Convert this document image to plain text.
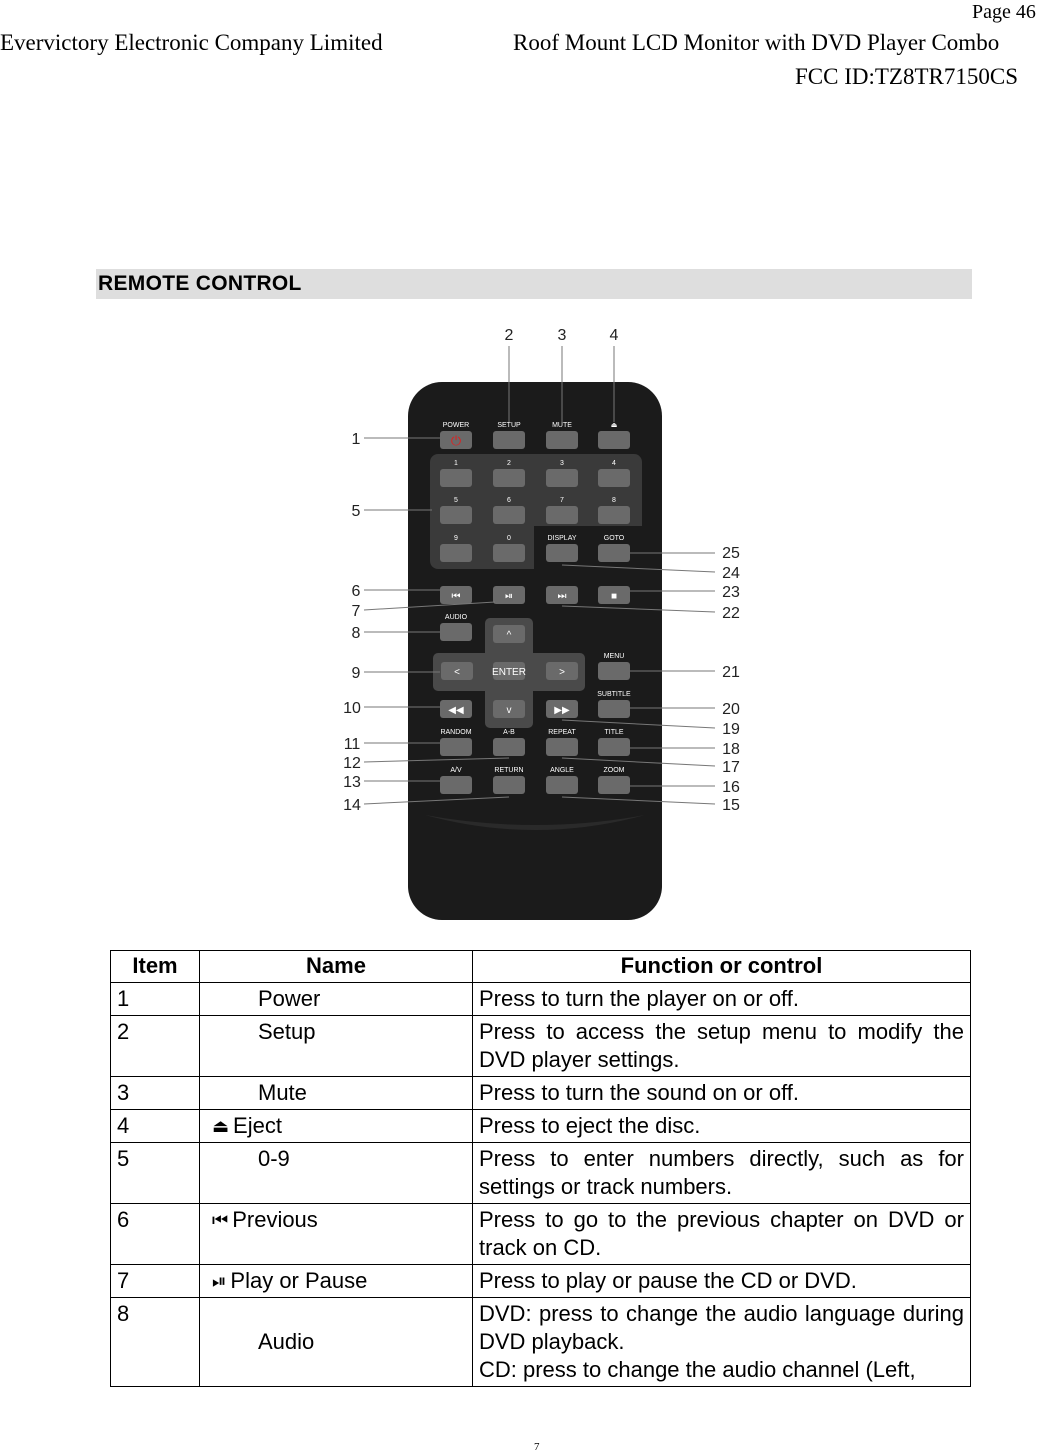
Page 46
Evervictory Electronic Company Limited	Roof Mount LCD Monitor with DVD Player Combo
FCC ID:TZ8TR7150CS
REMOTE CONTROL
POWER	SETUP	MUTE	⏏
⏻
1	2	3	4
5	6	7	8
9	0	DISPLAY	GOTO
⏮	⏯	⏭	■
AUDIO
^
<	ENTER	>
v
MENU
◀◀	▶▶
SUBTITLE
RANDOM	A-B	REPEAT	TITLE
A/V	RETURN	ANGLE	ZOOM
2	3	4
1
5
6
7
8
9
10
11
12
13
14
25
24
23
22
21
20
19
18
17
16
15
Item	Name	Function or control
1	Power	Press to turn the player on or off.
2	Setup	Press to access the setup menu to modify the DVD player settings.
3	Mute	Press to turn the sound on or off.
4	⏏ Eject	Press to eject the disc.
5	0-9	Press to enter numbers directly, such as for settings or track numbers.
6	⏮ Previous	Press to go to the previous chapter on DVD or track on CD.
7	⏯ Play or Pause	Press to play or pause the CD or DVD.
8	Audio	DVD: press to change the audio language during DVD playback.
CD: press to change the audio channel (Left,
7
